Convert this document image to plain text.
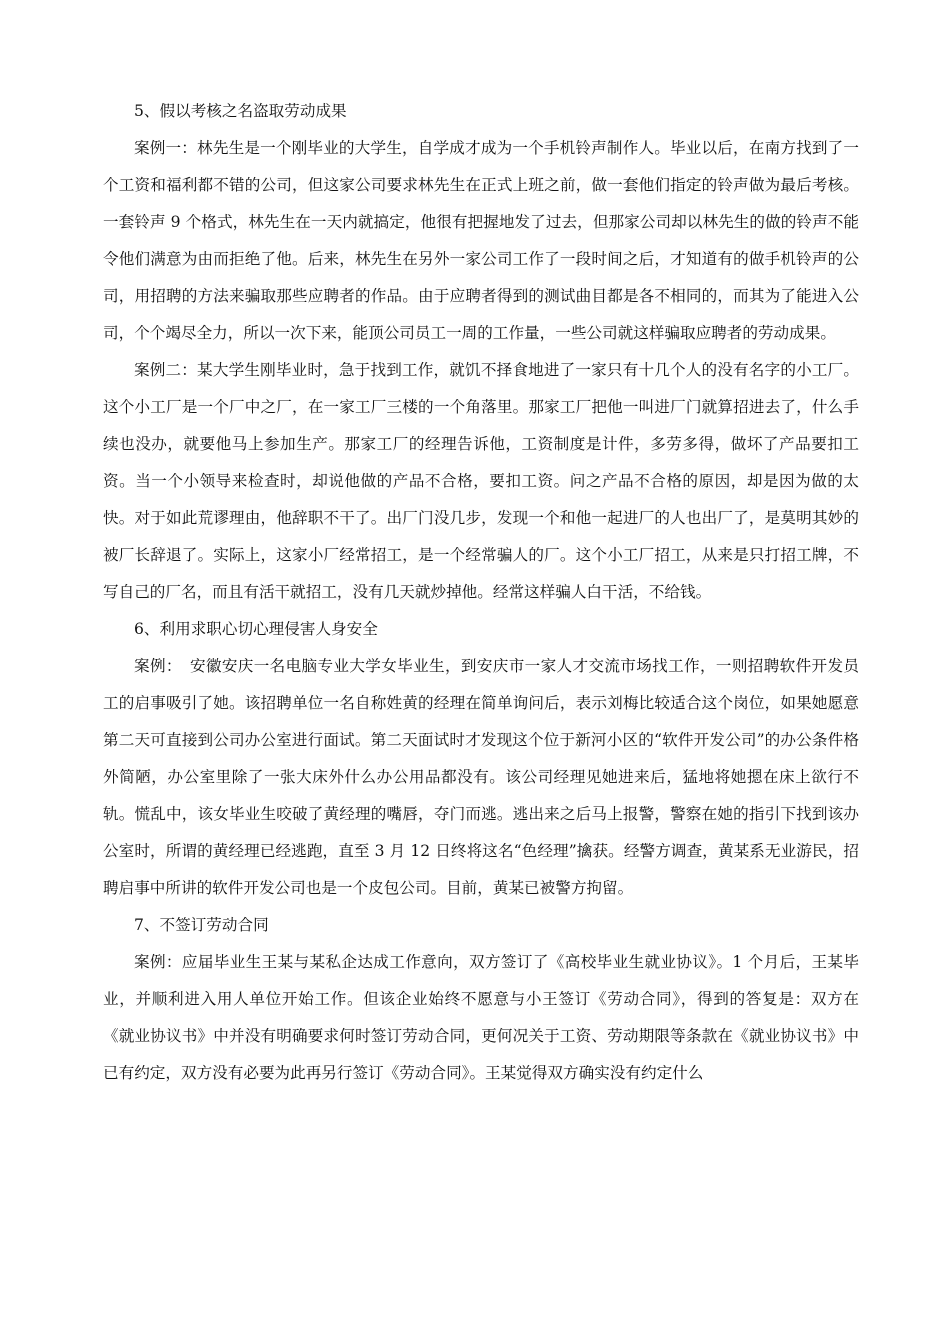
5、假以考核之名盗取劳动成果

案例一：林先生是一个刚毕业的大学生，自学成才成为一个手机铃声制作人。毕业以后，在南方找到了一个工资和福利都不错的公司，但这家公司要求林先生在正式上班之前，做一套他们指定的铃声做为最后考核。一套铃声 9 个格式，林先生在一天内就搞定，他很有把握地发了过去，但那家公司却以林先生的做的铃声不能令他们满意为由而拒绝了他。后来，林先生在另外一家公司工作了一段时间之后，才知道有的做手机铃声的公司，用招聘的方法来骗取那些应聘者的作品。由于应聘者得到的测试曲目都是各不相同的，而其为了能进入公司，个个竭尽全力，所以一次下来，能顶公司员工一周的工作量，一些公司就这样骗取应聘者的劳动成果。

案例二：某大学生刚毕业时，急于找到工作，就饥不择食地进了一家只有十几个人的没有名字的小工厂。这个小工厂是一个厂中之厂，在一家工厂三楼的一个角落里。那家工厂把他一叫进厂门就算招进去了，什么手续也没办，就要他马上参加生产。那家工厂的经理告诉他，工资制度是计件，多劳多得，做坏了产品要扣工资。当一个小领导来检查时，却说他做的产品不合格，要扣工资。问之产品不合格的原因，却是因为做的太快。对于如此荒谬理由，他辞职不干了。出厂门没几步，发现一个和他一起进厂的人也出厂了，是莫明其妙的被厂长辞退了。实际上，这家小厂经常招工，是一个经常骗人的厂。这个小工厂招工，从来是只打招工牌，不写自己的厂名，而且有活干就招工，没有几天就炒掉他。经常这样骗人白干活，不给钱。

6、利用求职心切心理侵害人身安全

案例：　安徽安庆一名电脑专业大学女毕业生，到安庆市一家人才交流市场找工作，一则招聘软件开发员工的启事吸引了她。该招聘单位一名自称姓黄的经理在简单询问后，表示刘梅比较适合这个岗位，如果她愿意第二天可直接到公司办公室进行面试。第二天面试时才发现这个位于新河小区的“软件开发公司”的办公条件格外简陋，办公室里除了一张大床外什么办公用品都没有。该公司经理见她进来后，猛地将她摁在床上欲行不轨。慌乱中，该女毕业生咬破了黄经理的嘴唇，夺门而逃。逃出来之后马上报警，警察在她的指引下找到该办公室时，所谓的黄经理已经逃跑，直至 3 月 12 日终将这名“色经理”擒获。经警方调查，黄某系无业游民，招聘启事中所讲的软件开发公司也是一个皮包公司。目前，黄某已被警方拘留。

7、不签订劳动合同

案例：应届毕业生王某与某私企达成工作意向，双方签订了《高校毕业生就业协议》。1 个月后，王某毕业，并顺利进入用人单位开始工作。但该企业始终不愿意与小王签订《劳动合同》，得到的答复是：双方在《就业协议书》中并没有明确要求何时签订劳动合同，更何况关于工资、劳动期限等条款在《就业协议书》中已有约定，双方没有必要为此再另行签订《劳动合同》。王某觉得双方确实没有约定什么
